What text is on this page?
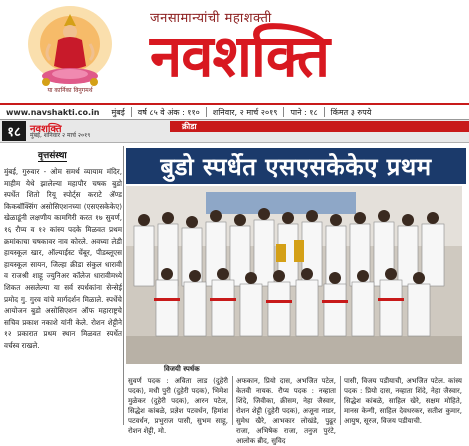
या कार्निका विनुगमर्थ
जनसामान्यांची महाशक्ती
नवशक्ति
www.navshakti.co.in	मुंबई	वर्ष ८५ वे अंक : ११०	शनिवार, २ मार्च २०१९	पाने : १८	किंमत ३ रुपये
१८ नवशक्ति
मुंबई, शनिवार २ मार्च २०१९
क्रीडा
वृत्तसंस्था
मुंबई, गुरुवार - ओम समर्थ व्यायाम मंदिर, माहीम येथे झालेल्या महापौर चषक बुडो स्पर्धेत शितो रियू स्पोर्ट्स कराटे ॲण्ड किकबॉक्सिंग असोसिएशनच्या (एसएसकेकेए) खेळाडूंनी लक्षणीय कामगिरी करत १७ सुवर्ण, १६ रौप्य व १२ कांस्य पदके मिळवत प्रथम क्रमांकाचा चषकावर नाव कोरले. अवघ्या लेडी हायस्कूल खार, ऑल्याईस्ट चेंबूर, पीडब्लूएस हायस्कूल सायन, जिल्हा क्रीडा संकुल धारावी व राजश्री शाहू ज्युनिअर कॉलेज धारावीमध्ये शिकत असलेल्या या सर्व स्पर्धकांना सेन्सेई प्रमोद गु. गुरव यांचे मार्गदर्शन मिळाले. स्पर्धेचे आयोजन बुडो असोसिएशन ऑफ महाराष्ट्रचे सचिव प्रकाश नकाशे यांनी केले. रोशन शेट्टीने १२ प्रकारात प्रथम स्थान मिळवत स्पर्धेत वर्चस्व राखले.
बुडो स्पर्धेत एसएसकेकेए प्रथम
विजयी स्पर्धक
सुवर्ण पदक : अविता लाड (दुहेरी पदक), मधी पुरी (दुहेरी पदक), भिमेश मुळेकर (दुहेरी पदक), आरन पटेल, सिद्धेश कांबळे, प्रज्ञेश पटवर्धन, हिमांश पटवर्धन, प्रभुराज पासी, सुभम साहू, रोशन शेट्टी, मो.
अफकान, प्रियो दास, अभजित पटेल, केतवी नायक. रौप्य पदक : नव्हाता शिंदे, जिवीका, क्रीसम, नेहा जैस्वार, रोशन शेट्टी (दुहेरी पदक), अजूना नाडर, सुमेध खैरे, आभकार लोखंडे, पुढूर राजा, अभिषेक राजा, तनुज पुरंटे, आलोक ब्रीद, सुविद
पासी, विजय पडीयाची, अभजित पटेल. कांस्य पदक : प्रियो दास, नव्हाता शिंदे, नेहा जैस्वार, सिद्धेश कांबळे, साहिल खेरे, सक्षम मोहिते, मानस केन्गी, साहिल देवधरकर, सतीश कुमार, आयुष, सूरज, विजय पडीयाची.
